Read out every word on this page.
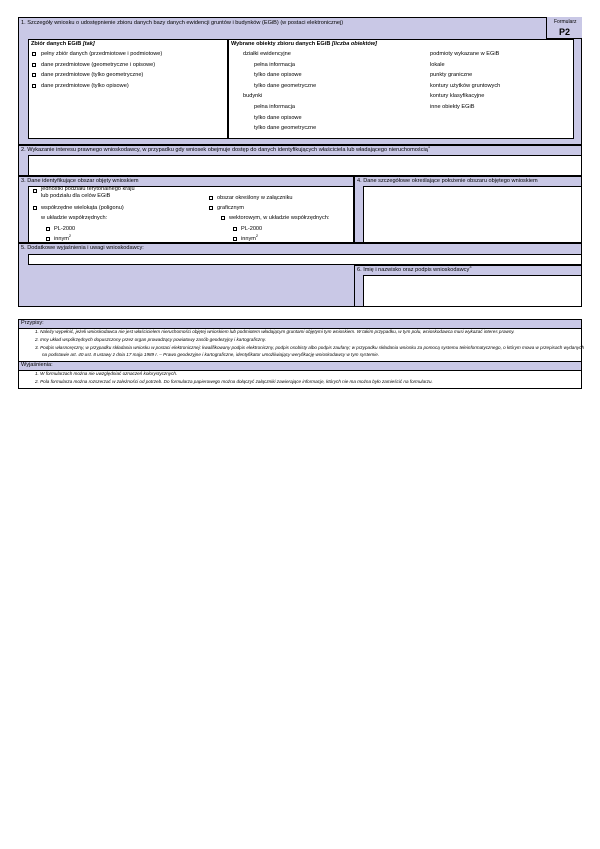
1. Szczegóły wniosku o udostępnienie zbioru danych bazy danych ewidencji gruntów i budynków (EGiB) (w postaci elektronicznej)	Formularz
P2
Zbiór danych EGiB [tak]
pełny zbiór danych (przedmiotowe i podmiotowe)
dane przedmiotowe (geometryczne i opisowe)
dane przedmiotowe (tylko geometryczne)
dane przedmiotowe (tylko opisowe)
Wybrane obiekty zbioru danych EGiB [liczba obiektów]
działki ewidencyjne
pełna informacja
tylko dane opisowe
tylko dane geometryczne
budynki
pełna informacja
tylko dane opisowe
tylko dane geometryczne
podmioty wykazane w EGiB
lokale
punkty graniczne
kontury użytków gruntowych
kontury klasyfikacyjne
inne obiekty EGiB
2. Wykazanie interesu prawnego wnioskodawcy, w przypadku gdy wniosek obejmuje dostęp do danych identyfikujących właściciela lub władającego nieruchomością$^1$
3. Dane identyfikujące obszar objęty wnioskiem
jednostki podziału terytorialnego kraju
lub podziału dla celów EGiB
współrzędne wielokąta (poligonu)
w układzie współrzędnych:
PL-2000
innym$^2$
obszar określony w załączniku
graficznym
wektorowym, w układzie współrzędnych:
PL-2000
innym$^2$
4. Dane szczegółowe określające położenie obszaru objętego wnioskiem
5. Dodatkowe wyjaśnienia i uwagi wnioskodawcy:
6. Imię i nazwisko oraz podpis wnioskodawcy$^3$
Przypisy:
1. Należy wypełnić, jeżeli wnioskodawca nie jest właścicielem nieruchomości objętej wnioskiem lub podmiotem władającym gruntami objętymi tym wnioskiem. W takim przypadku, w tym polu, wnioskodawca musi wykazać interes prawny.
2. Inny układ współrzędnych dopuszczony przez organ prowadzący powiatowy zasób geodezyjny i kartograficzny.
3. Podpis własnoręczny, w przypadku składania wniosku w postaci elektronicznej: kwalifikowany podpis elektroniczny, podpis osobisty albo podpis zaufany; w przypadku składania wniosku za pomocą systemu teleinformatycznego, o którym mowa w przepisach wydanych
na podstawie art. 40 ust. 8 ustawy z dnia 17 maja 1989 r. – Prawo geodezyjne i kartograficzne, identyfikator umożliwiający weryfikację wnioskodawcy w tym systemie.
Wyjaśnienia:
1. W formularzach można nie uwzględniać oznaczeń kolorystycznych.
2. Pola formularza można rozszerzać w zależności od potrzeb. Do formularza papierowego można dołączyć załączniki zawierające informacje, których nie ma można było zamieścić na formularzu.
